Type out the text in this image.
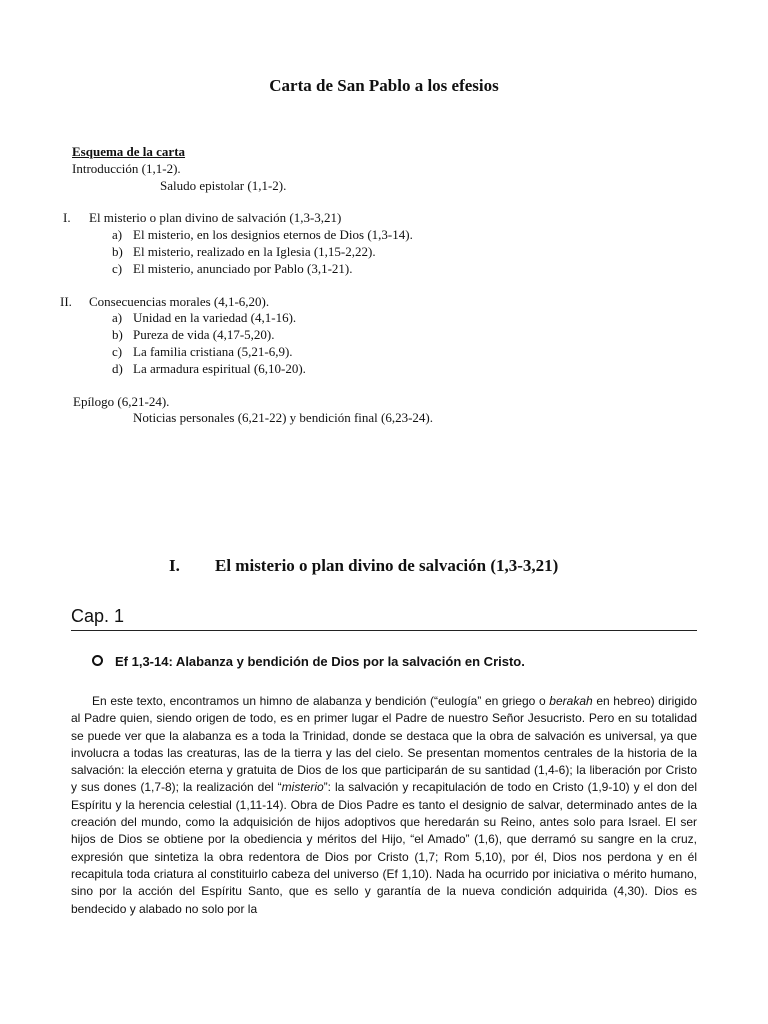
Carta de San Pablo a los efesios
Esquema de la carta
Introducción (1,1-2).
Saludo epistolar (1,1-2).
I.	El misterio o plan divino de salvación (1,3-3,21)
a) El misterio, en los designios eternos de Dios (1,3-14).
b) El misterio, realizado en la Iglesia (1,15-2,22).
c) El misterio, anunciado por Pablo (3,1-21).
II.	Consecuencias morales (4,1-6,20).
a) Unidad en la variedad (4,1-16).
b) Pureza de vida (4,17-5,20).
c) La familia cristiana (5,21-6,9).
d) La armadura espiritual (6,10-20).
Epílogo (6,21-24).
Noticias personales (6,21-22) y bendición final (6,23-24).
I. El misterio o plan divino de salvación (1,3-3,21)
Cap. 1
Ef 1,3-14: Alabanza y bendición de Dios por la salvación en Cristo.
En este texto, encontramos un himno de alabanza y bendición (“eulogía” en griego o berakah en hebreo) dirigido al Padre quien, siendo origen de todo, es en primer lugar el Padre de nuestro Señor Jesucristo. Pero en su totalidad se puede ver que la alabanza es a toda la Trinidad, donde se destaca que la obra de salvación es universal, ya que involucra a todas las creaturas, las de la tierra y las del cielo. Se presentan momentos centrales de la historia de la salvación: la elección eterna y gratuita de Dios de los que participarán de su santidad (1,4-6); la liberación por Cristo y sus dones (1,7-8); la realización del “misterio”: la salvación y recapitulación de todo en Cristo (1,9-10) y el don del Espíritu y la herencia celestial (1,11-14). Obra de Dios Padre es tanto el designio de salvar, determinado antes de la creación del mundo, como la adquisición de hijos adoptivos que heredarán su Reino, antes solo para Israel. El ser hijos de Dios se obtiene por la obediencia y méritos del Hijo, “el Amado” (1,6), que derramó su sangre en la cruz, expresión que sintetiza la obra redentora de Dios por Cristo (1,7; Rom 5,10), por él, Dios nos perdona y en él recapitula toda criatura al constituirlo cabeza del universo (Ef 1,10). Nada ha ocurrido por iniciativa o mérito humano, sino por la acción del Espíritu Santo, que es sello y garantía de la nueva condición adquirida (4,30). Dios es bendecido y alabado no solo por la
